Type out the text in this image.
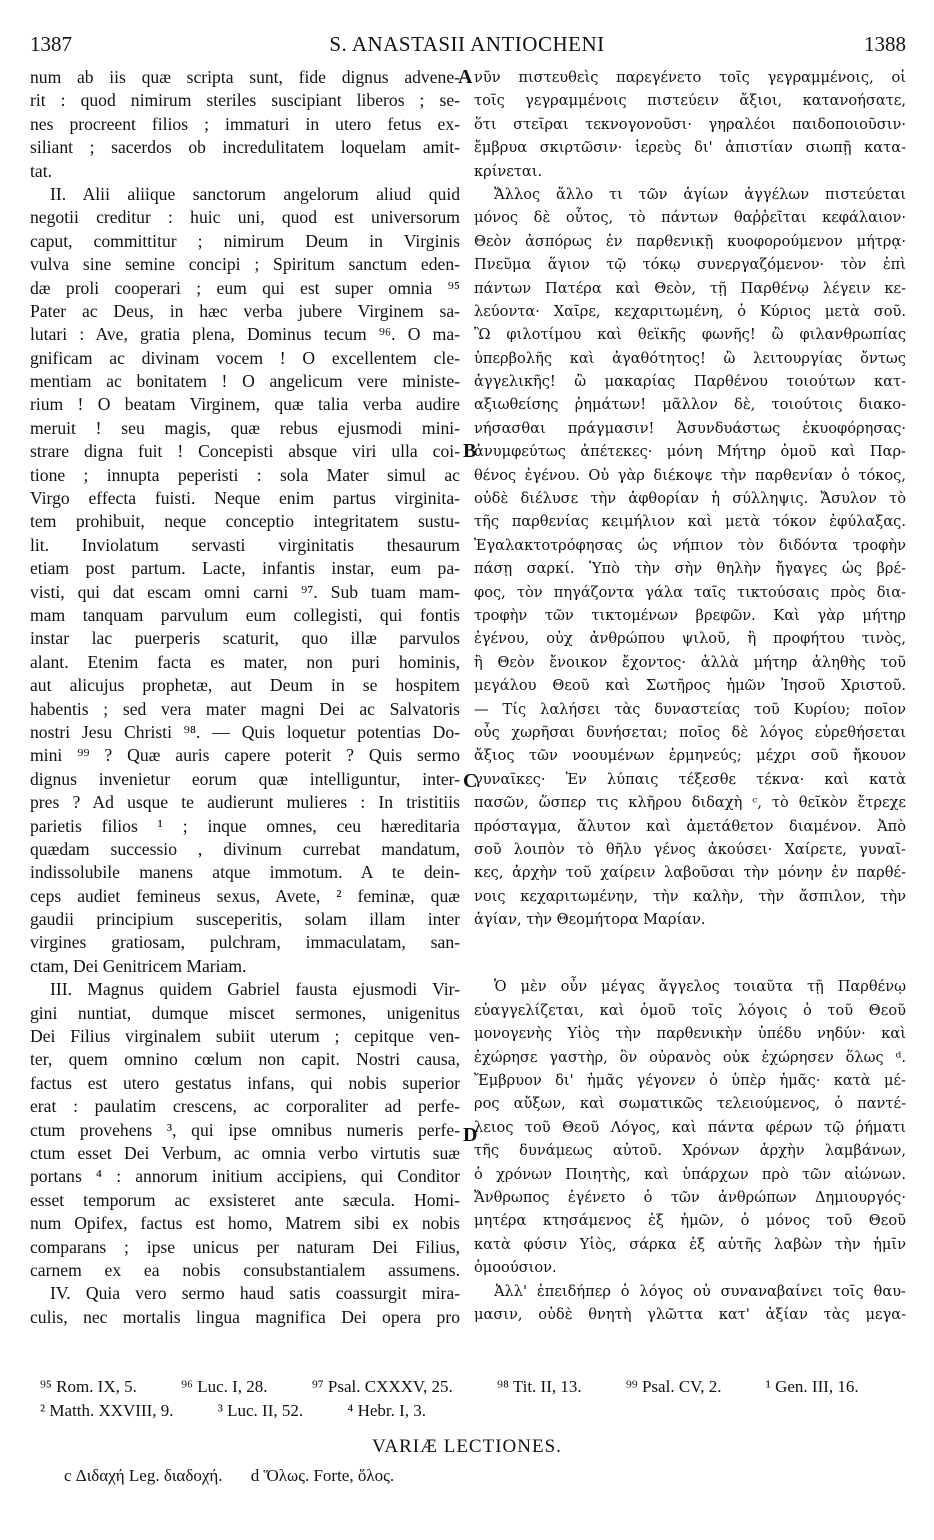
1387	S. ANASTASII ANTIOCHENI	1388
num ab iis quæ scripta sunt, fide dignus advene-
rit : quod nimirum steriles suscipiant liberos ; se-
nes procreent filios ; immaturi in utero fetus ex-
siliant ; sacerdos ob incredulitatem loquelam amit-
tat.
II. Alii aliique sanctorum angelorum aliud quid
negotii creditur : huic uni, quod est universorum
caput, committitur ; nimirum Deum in Virginis
vulva sine semine concipi ; Spiritum sanctum eden-
dæ proli cooperari ; eum qui est super omnia ⁹⁵
Pater ac Deus, in hæc verba jubere Virginem sa-
lutari : Ave, gratia plena, Dominus tecum ⁹⁶. O ma-
gnificam ac divinam vocem ! O excellentem cle-
mentiam ac bonitatem ! O angelicum vere ministe-
rium ! O beatam Virginem, quæ talia verba audire
meruit ! seu magis, quæ rebus ejusmodi mini-
strare digna fuit ! Concepisti absque viri ulla coi-
tione ; innupta peperisti : sola Mater simul ac
Virgo effecta fuisti. Neque enim partus virginita-
tem prohibuit, neque conceptio integritatem sustu-
lit. Inviolatum servasti virginitatis thesaurum
etiam post partum. Lacte, infantis instar, eum pa-
visti, qui dat escam omni carni ⁹⁷. Sub tuam mam-
mam tanquam parvulum eum collegisti, qui fontis
instar lac puerperis scaturit, quo illæ parvulos
alant. Etenim facta es mater, non puri hominis,
aut alicujus prophetæ, aut Deum in se hospitem
habentis ; sed vera mater magni Dei ac Salvatoris
nostri Jesu Christi ⁹⁸. — Quis loquetur potentias Do-
mini ⁹⁹ ? Quæ auris capere poterit ? Quis sermo
dignus invenietur eorum quæ intelliguntur, inter-
pres ? Ad usque te audierunt mulieres : In tristitiis
parietis filios ¹ ; inque omnes, ceu hæreditaria
quædam successio , divinum currebat mandatum,
indissolubile manens atque immotum. A te dein-
ceps audiet femineus sexus, Avete, ² feminæ, quæ
gaudii principium susceperitis, solam illam inter
virgines gratiosam, pulchram, immaculatam, san-
ctam, Dei Genitricem Mariam.
III. Magnus quidem Gabriel fausta ejusmodi Vir-
gini nuntiat, dumque miscet sermones, unigenitus
Dei Filius virginalem subiit uterum ; cepitque ven-
ter, quem omnino cœlum non capit. Nostri causa,
factus est utero gestatus infans, qui nobis superior
erat : paulatim crescens, ac corporaliter ad perfe-
ctum provehens ³, qui ipse omnibus numeris perfe-
ctum esset Dei Verbum, ac omnia verbo virtutis suæ
portans ⁴ : annorum initium accipiens, qui Conditor
esset temporum ac exsisteret ante sæcula. Homi-
num Opifex, factus est homo, Matrem sibi ex nobis
comparans ; ipse unicus per naturam Dei Filius,
carnem ex ea nobis consubstantialem assumens.
IV. Quia vero sermo haud satis coassurgit mira-
culis, nec mortalis lingua magnifica Dei opera pro
νῦν πιστευθεὶς παρεγένετο τοῖς γεγραμμένοις, οἱ
τοῖς γεγραμμένοις πιστεύειν ἄξιοι, κατανοήσατε,
ὅτι στεῖραι τεκνογονοῦσι· γηραλέοι παιδοποιοῦσιν·
ἔμβρυα σκιρτῶσιν· ἱερεὺς δι' ἀπιστίαν σιωπῇ κατα-
κρίνεται.
Ἄλλος ἄλλο τι τῶν ἁγίων ἀγγέλων πιστεύεται
μόνος δὲ οὗτος, τὸ πάντων θαῤῥεῖται κεφάλαιον·
Θεὸν ἀσπόρως ἐν παρθενικῇ κυοφορούμενον μήτρᾳ·
Πνεῦμα ἅγιον τῷ τόκῳ συνεργαζόμενον· τὸν ἐπὶ
πάντων Πατέρα καὶ Θεὸν, τῇ Παρθένῳ λέγειν κε-
λεύοντα· Χαῖρε, κεχαριτωμένη, ὁ Κύριος μετὰ σοῦ.
Ὢ φιλοτίμου καὶ θεϊκῆς φωνῆς! ὢ φιλανθρωπίας
ὑπερβολῆς καὶ ἀγαθότητος! ὢ λειτουργίας ὄντως
ἀγγελικῆς! ὢ μακαρίας Παρθένου τοιούτων κατ-
αξιωθείσης ῥημάτων! μᾶλλον δὲ, τοιούτοις διακο-
νήσασθαι πράγμασιν! Ἀσυνδυάστως ἐκυοφόρησας·
ἀνυμφεύτως ἀπέτεκες· μόνη Μήτηρ ὁμοῦ καὶ Παρ-
θένος ἐγένου. Οὐ γὰρ διέκοψε τὴν παρθενίαν ὁ τόκος,
οὐδὲ διέλυσε τὴν ἀφθορίαν ἡ σύλληψις. Ἄσυλον τὸ
τῆς παρθενίας κειμήλιον καὶ μετὰ τόκον ἐφύλαξας.
Ἐγαλακτοτρόφησας ὡς νήπιον τὸν διδόντα τροφὴν
πάσῃ σαρκί. Ὑπὸ τὴν σὴν θηλὴν ἤγαγες ὡς βρέ-
φος, τὸν πηγάζοντα γάλα ταῖς τικτούσαις πρὸς δια-
τροφὴν τῶν τικτομένων βρεφῶν. Καὶ γὰρ μήτηρ
ἐγένου, οὐχ ἀνθρώπου ψιλοῦ, ἢ προφήτου τινὸς,
ἢ Θεὸν ἔνοικον ἔχοντος· ἀλλὰ μήτηρ ἀληθὴς τοῦ
μεγάλου Θεοῦ καὶ Σωτῆρος ἡμῶν Ἰησοῦ Χριστοῦ.
— Τίς λαλήσει τὰς δυναστείας τοῦ Κυρίου; ποῖον
οὖς χωρῆσαι δυνήσεται; ποῖος δὲ λόγος εὑρεθήσεται
ἄξιος τῶν νοουμένων ἑρμηνεύς; μέχρι σοῦ ἤκουον
γυναῖκες· Ἐν λύπαις τέξεσθε τέκνα· καὶ κατὰ
πασῶν, ὥσπερ τις κλῆρου διδαχὴ ᶜ, τὸ θεῖκὸν ἔτρεχε
πρόσταγμα, ἄλυτον καὶ ἀμετάθετον διαμένον. Ἀπὸ
σοῦ λοιπὸν τὸ θῆλυ γένος ἀκούσει· Χαίρετε, γυναῖ-
κες, ἀρχὴν τοῦ χαίρειν λαβοῦσαι τὴν μόνην ἐν παρθέ-
νοις κεχαριτωμένην, τὴν καλὴν, τὴν ἄσπιλον, τὴν
ἁγίαν, τὴν Θεομήτορα Μαρίαν.
Ὁ μὲν οὖν μέγας ἄγγελος τοιαῦτα τῇ Παρθένῳ
εὐαγγελίζεται, καὶ ὁμοῦ τοῖς λόγοις ὁ τοῦ Θεοῦ
μονογενὴς Υἱὸς τὴν παρθενικὴν ὑπέδυ νηδύν· καὶ
ἐχώρησε γαστὴρ, ὃν οὐρανὸς οὐκ ἐχώρησεν ὅλως ᵈ.
Ἔμβρυον δι' ἡμᾶς γέγονεν ὁ ὑπὲρ ἡμᾶς· κατὰ μέ-
ρος αὔξων, καὶ σωματικῶς τελειούμενος, ὁ παντέ-
λειος τοῦ Θεοῦ Λόγος, καὶ πάντα φέρων τῷ ῥήματι
τῆς δυνάμεως αὐτοῦ. Χρόνων ἀρχὴν λαμβάνων,
ὁ χρόνων Ποιητὴς, καὶ ὑπάρχων πρὸ τῶν αἰώνων.
Ἄνθρωπος ἐγένετο ὁ τῶν ἀνθρώπων Δημιουργός·
μητέρα κτησάμενος ἐξ ἡμῶν, ὁ μόνος τοῦ Θεοῦ
κατὰ φύσιν Υἱὸς, σάρκα ἐξ αὐτῆς λαβὼν τὴν ἡμῖν
ὁμοούσιον.
Ἀλλ' ἐπειδήπερ ὁ λόγος οὐ συναναβαίνει τοῖς θαυ-
μασιν, οὐδὲ θνητὴ γλῶττα κατ' ἀξίαν τὰς μεγα-
A
B
C
D
⁹⁵ Rom. IX, 5.	⁹⁶ Luc. I, 28.	⁹⁷ Psal. CXXXV, 25.	⁹⁸ Tit. II, 13.	⁹⁹ Psal. CV, 2.	¹ Gen. III, 16.
² Matth. XXVIII, 9.	³ Luc. II, 52.	⁴ Hebr. I, 3.
VARIÆ LECTIONES.
c Διδαχή Leg. διαδοχή. d Ὅλως. Forte, ὅλος.
